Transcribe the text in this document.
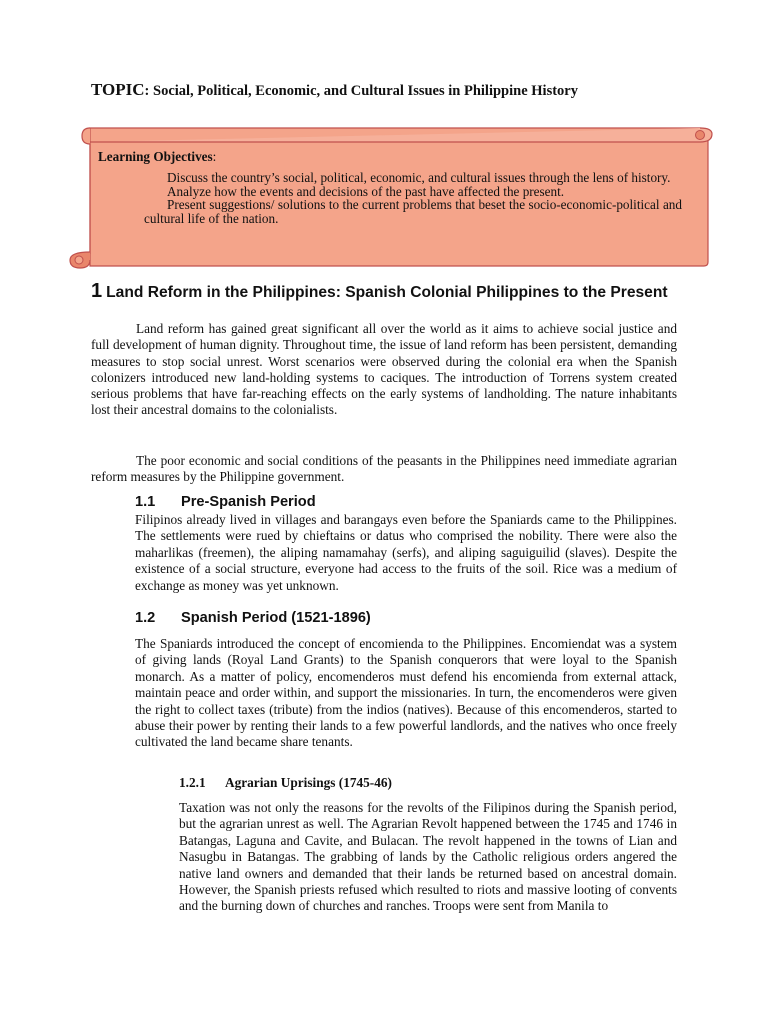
TOPIC: Social, Political, Economic, and Cultural Issues in Philippine History
Learning Objectives:
Discuss the country’s social, political, economic, and cultural issues through the lens of history.
Analyze how the events and decisions of the past have affected the present.
Present suggestions/ solutions to the current problems that beset the socio-economic-political and cultural life of the nation.
1 Land Reform in the Philippines: Spanish Colonial Philippines to the Present

Land reform has gained great significant all over the world as it aims to achieve social justice and full development of human dignity. Throughout time, the issue of land reform has been persistent, demanding measures to stop social unrest. Worst scenarios were observed during the colonial era when the Spanish colonizers introduced new land-holding systems to caciques. The introduction of Torrens system created serious problems that have far-reaching effects on the early systems of landholding. The nature inhabitants lost their ancestral domains to the colonialists.

The poor economic and social conditions of the peasants in the Philippines need immediate agrarian reform measures by the Philippine government.

1.1 Pre-Spanish Period

Filipinos already lived in villages and barangays even before the Spaniards came to the Philippines. The settlements were rued by chieftains or datus who comprised the nobility. There were also the maharlikas (freemen), the aliping namamahay (serfs), and aliping saguiguilid (slaves). Despite the existence of a social structure, everyone had access to the fruits of the soil. Rice was a medium of exchange as money was yet unknown.

1.2 Spanish Period (1521-1896)

The Spaniards introduced the concept of encomienda to the Philippines. Encomiendat was a system of giving lands (Royal Land Grants) to the Spanish conquerors that were loyal to the Spanish monarch. As a matter of policy, encomenderos must defend his encomienda from external attack, maintain peace and order within, and support the missionaries. In turn, the encomenderos were given the right to collect taxes (tribute) from the indios (natives). Because of this encomenderos, started to abuse their power by renting their lands to a few powerful landlords, and the natives who once freely cultivated the land became share tenants.

1.2.1 Agrarian Uprisings (1745-46)

Taxation was not only the reasons for the revolts of the Filipinos during the Spanish period, but the agrarian unrest as well. The Agrarian Revolt happened between the 1745 and 1746 in Batangas, Laguna and Cavite, and Bulacan. The revolt happened in the towns of Lian and Nasugbu in Batangas. The grabbing of lands by the Catholic religious orders angered the native land owners and demanded that their lands be returned based on ancestral domain. However, the Spanish priests refused which resulted to riots and massive looting of convents and the burning down of churches and ranches. Troops were sent from Manila to
